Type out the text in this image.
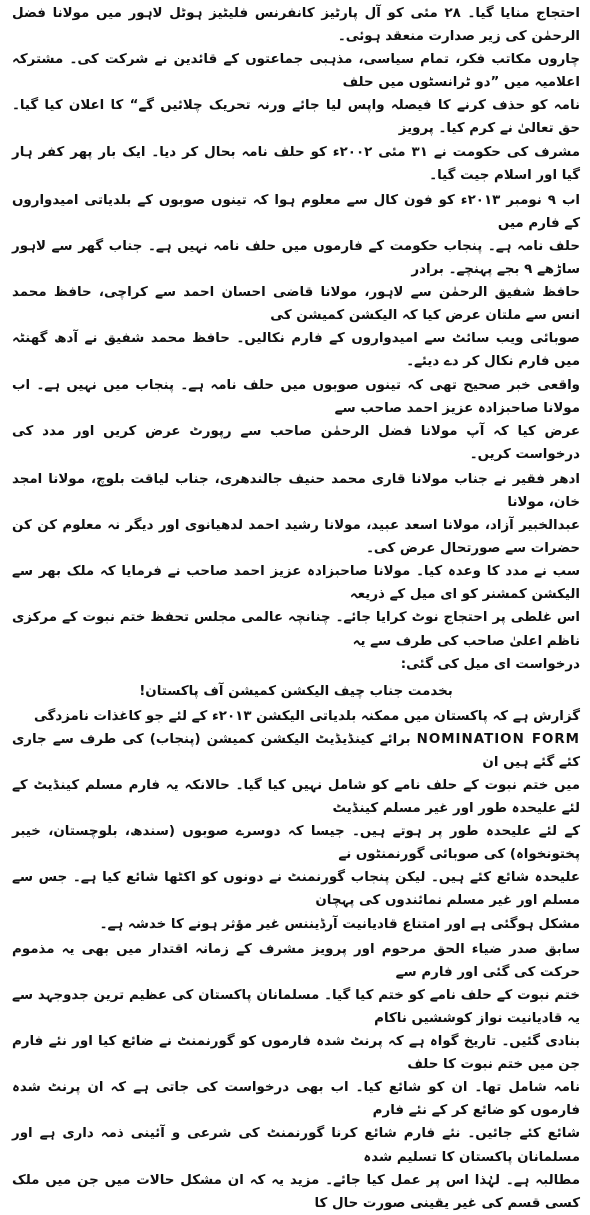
احتجاج منایا گیا۔ ۲۸ مئی کو آل پارٹیز کانفرنس فلیٹیز ہوٹل لاہور میں مولانا فضل الرحمٰن کی زیر صدارت منعقد ہوئی۔
چاروں مکاتب فکر، تمام سیاسی، مذہبی جماعتوں کے قائدین نے شرکت کی۔ مشترکہ اعلامیہ میں ”دو ٹرانسٹوں میں حلف
نامہ کو حذف کرنے کا فیصلہ واپس لیا جائے ورنہ تحریک چلائیں گے“ کا اعلان کیا گیا۔ حق تعالیٰ نے کرم کیا۔ پرویز
مشرف کی حکومت نے ۳۱ مئی ۲۰۰۲ء کو حلف نامہ بحال کر دیا۔ ایک بار پھر کفر ہار گیا اور اسلام جیت گیا۔

اب ۹ نومبر ۲۰۱۳ء کو فون کال سے معلوم ہوا کہ تینوں صوبوں کے بلدیاتی امیدواروں کے فارم میں
حلف نامہ ہے۔ پنجاب حکومت کے فارموں میں حلف نامہ نہیں ہے۔ جناب گھر سے لاہور ساڑھے ۹ بجے پہنچے۔ برادر
حافظ شفیق الرحمٰن سے لاہور، مولانا قاضی احسان احمد سے کراچی، حافظ محمد انس سے ملتان عرض کیا کہ الیکشن کمیشن کی
صوبائی ویب سائٹ سے امیدواروں کے فارم نکالیں۔ حافظ محمد شفیق نے آدھ گھنٹہ میں فارم نکال کر دے دیئے۔
واقعی خبر صحیح تھی کہ تینوں صوبوں میں حلف نامہ ہے۔ پنجاب میں نہیں ہے۔ اب مولانا صاحبزادہ عزیز احمد صاحب سے
عرض کیا کہ آپ مولانا فضل الرحمٰن صاحب سے رپورٹ عرض کریں اور مدد کی درخواست کریں۔

ادھر فقیر نے جناب مولانا قاری محمد حنیف جالندھری، جناب لیاقت بلوچ، مولانا امجد خان، مولانا
عبدالخبیر آزاد، مولانا اسعد عبید، مولانا رشید احمد لدھیانوی اور دیگر نہ معلوم کن کن حضرات سے صورتحال عرض کی۔
سب نے مدد کا وعدہ کیا۔ مولانا صاحبزادہ عزیز احمد صاحب نے فرمایا کہ ملک بھر سے الیکشن کمشنر کو ای میل کے ذریعہ
اس غلطی پر احتجاج نوٹ کرایا جائے۔ چنانچہ عالمی مجلس تحفظ ختم نبوت کے مرکزی ناظم اعلیٰ صاحب کی طرف سے یہ
درخواست ای میل کی گئی:

بخدمت جناب چیف الیکشن کمیشن آف پاکستان!

گزارش ہے کہ پاکستان میں ممکنہ بلدیاتی الیکشن ۲۰۱۳ء کے لئے جو کاغذات نامزدگی
NOMINATION FORM برائے کینڈیڈیٹ الیکشن کمیشن (پنجاب) کی طرف سے جاری کئے گئے ہیں ان
میں ختم نبوت کے حلف نامے کو شامل نہیں کیا گیا۔ حالانکہ یہ فارم مسلم کینڈیٹ کے لئے علیحدہ طور اور غیر مسلم کینڈیٹ
کے لئے علیحدہ طور پر ہوتے ہیں۔ جیسا کہ دوسرے صوبوں (سندھ، بلوچستان، خیبر پختونخواہ) کی صوبائی گورنمنٹوں نے
علیحدہ شائع کئے ہیں۔ لیکن پنجاب گورنمنٹ نے دونوں کو اکٹھا شائع کیا ہے۔ جس سے مسلم اور غیر مسلم نمائندوں کی پہچان
مشکل ہوگئی ہے اور امتناع قادیانیت آرڈیننس غیر مؤثر ہونے کا خدشہ ہے۔

سابق صدر ضیاء الحق مرحوم اور پرویز مشرف کے زمانہ اقتدار میں بھی یہ مذموم حرکت کی گئی اور فارم سے
ختم نبوت کے حلف نامے کو ختم کیا گیا۔ مسلمانان پاکستان کی عظیم ترین جدوجہد سے یہ قادیانیت نواز کوششیں ناکام
بنادی گئیں۔ تاریخ گواہ ہے کہ پرنٹ شدہ فارموں کو گورنمنٹ نے ضائع کیا اور نئے فارم جن میں ختم نبوت کا حلف
نامہ شامل تھا۔ ان کو شائع کیا۔ اب بھی درخواست کی جاتی ہے کہ ان پرنٹ شدہ فارموں کو ضائع کر کے نئے فارم
شائع کئے جائیں۔ نئے فارم شائع کرنا گورنمنٹ کی شرعی و آئینی ذمہ داری ہے اور مسلمانان پاکستان کا تسلیم شدہ
مطالبہ ہے۔ لہٰذا اس پر عمل کیا جائے۔ مزید یہ کہ ان مشکل حالات میں جن میں ملک کسی قسم کی غیر یقینی صورت حال کا
